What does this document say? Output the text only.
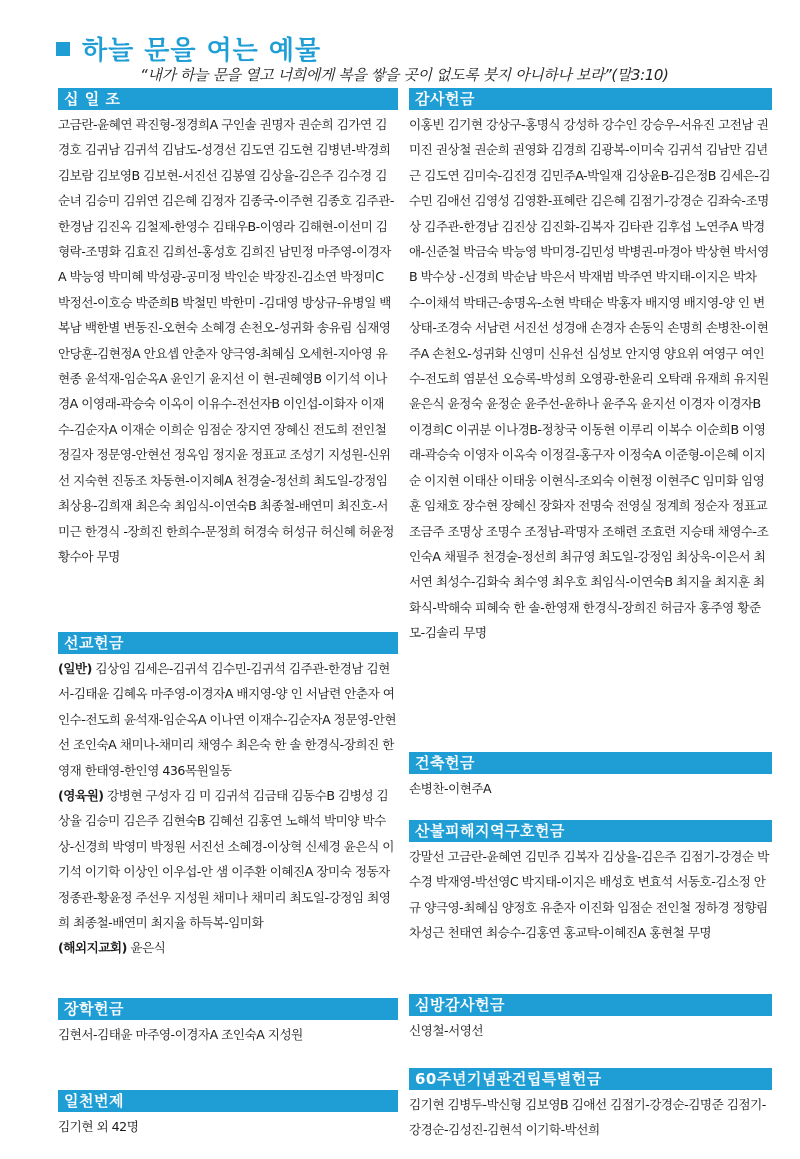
하늘 문을 여는 예물
“내가 하늘 문을 열고 너희에게 복을 쌓을 곳이 없도록 붓지 아니하나 보라”(말3:10)
십 일 조
고금란-윤혜연 곽진형-정경희A 구인솔 권명자 권순희 김가연 김경호 김귀남 김귀석 김남도-성경선 김도연 김도현 김병년-박경희 김보람 김보영B 김보현-서진선 김봉열 김상율-김은주 김수경 김순녀 김승미 김위연 김은혜 김정자 김종국-이주현 김종호 김주관-한경남 김진옥 김철제-한영수 김태우B-이영라 김해현-이선미 김형락-조명화 김효진 김희선-홍성호 김희진 남민정 마주영-이경자A 박능영 박미혜 박성광-공미정 박인순 박장진-김소연 박정미C 박정선-이호승 박준희B 박철민 박한미 -김대영 방상규-유병일 백복남 백한별 변동진-오현숙 소혜경 손천오-성귀화 송유림 심재영 안당훈-김현정A 안요셉 안춘자 양극영-최혜심 오세헌-지아영 유현종 윤석재-임순옥A 윤인기 윤지선 이 현-권혜영B 이기석 이나경A 이영래-곽승숙 이옥이 이유수-전선자B 이인섭-이화자 이재수-김순자A 이재순 이희순 임점순 장지연 장혜신 전도희 전인철 정길자 정문영-안현선 정옥임 정지윤 정표교 조성기 지성원-신위선 지숙현 진동조 차동현-이지혜A 천경술-정선희 최도일-강정임 최상용-김희재 최은숙 최임식-이연숙B 최종철-배연미 최진호-서미근 한경식 -장희진 한희수-문정희 허경숙 허성규 허신혜 허윤정 황수아 무명
선교헌금

(일반) 김상임 김세은-김귀석 김수민-김귀석 김주관-한경남 김현서-김태윤 김혜옥 마주영-이경자A 배지영-양 인 서남련 안춘자 여인수-전도희 윤석재-임순옥A 이나연 이재수-김순자A 정문영-안현선 조인숙A 채미나-채미리 채영수 최은숙 한 솔 한경식-장희진 한영재 한태영-한인영 436목원일동

(영육원) 강병현 구성자 김 미 김귀석 김금태 김동수B 김병성 김상율 김승미 김은주 김현숙B 김혜선 김홍연 노해석 박미양 박수상-신경희 박영미 박정원 서진선 소혜경-이상혁 신세경 윤은식 이기석 이기학 이상인 이우섭-안 샘 이주환 이혜진A 장미숙 정동자 정종관-황윤정 주선우 지성원 채미나 채미리 최도일-강정임 최영희 최종철-배연미 최지율 하득복-임미화

(해외지교회) 윤은식

장학헌금
김현서-김태윤 마주영-이경자A 조인숙A 지성원
일천번제
김기현 외 42명
감사헌금
이홍빈 김기현 강상구-홍명식 강성하 강수인 강승우-서유진 고전남 권미진 권상철 권순희 권영화 김경희 김광복-이미숙 김귀석 김남만 김년근 김도연 김미숙-김진경 김민주A-박일재 김상윤B-김은정B 김세은-김수민 김애선 김영성 김영환-표혜란 김은혜 김점기-강경순 김좌숙-조명상 김주관-한경남 김진상 김진화-김복자 김타관 김후섭 노연주A 박경애-신준철 박금숙 박능영 박미경-김민성 박병권-마경아 박상현 박서영B 박수상 -신경희 박순남 박은서 박재범 박주연 박지태-이지은 박차수-이채석 박태근-송명옥-소현 박태순 박홍자 배지영 배지영-양 인 변상태-조경숙 서남련 서진선 성경애 손경자 손동익 손명희 손병찬-이현주A 손천오-성귀화 신영미 신유선 심성보 안지영 양요위 여영구 여인수-전도희 염분선 오승록-박성희 오영광-한윤리 오탁래 유재희 유지원 윤은식 윤정숙 윤정순 윤주선-윤하나 윤주옥 윤지선 이경자 이경자B 이경희C 이귀분 이나경B-정창국 이동현 이루리 이복수 이순희B 이영래-곽승숙 이영자 이옥숙 이정걸-홍구자 이정숙A 이준형-이은혜 이지순 이지현 이태산 이태웅 이현식-조외숙 이현정 이현주C 임미화 임영훈 임채호 장수현 장혜신 장화자 전명숙 전영실 정계희 정순자 정표교 조금주 조명상 조명수 조정남-곽명자 조해련 조효련 지승태 채영수-조인숙A 채필주 천경술-정선희 최규영 최도일-강정임 최상욱-이은서 최서연 최성수-김화숙 최수영 최우호 최임식-이연숙B 최지율 최지훈 최화식-박해숙 피혜숙 한 솔-한영재 한경식-장희진 허금자 홍주영 황준모-김솔리 무명
건축헌금
손병찬-이현주A
산불피해지역구호헌금
강말선 고금란-윤혜연 김민주 김복자 김상율-김은주 김점기-강경순 박수경 박재영-박선영C 박지태-이지은 배성호 변효석 서동호-김소정 안 규 양극영-최혜심 양정호 유춘자 이진화 임점순 전인철 정하경 정향림 차성근 천태연 최승수-김홍연 홍교탁-이혜진A 홍현철 무명
심방감사헌금
신영철-서영선
60주년기념관건립특별헌금
김기현 김병두-박신형 김보영B 김애선 김점기-강경순-김명준 김점기-강경순-김성진-김현석 이기학-박선희
